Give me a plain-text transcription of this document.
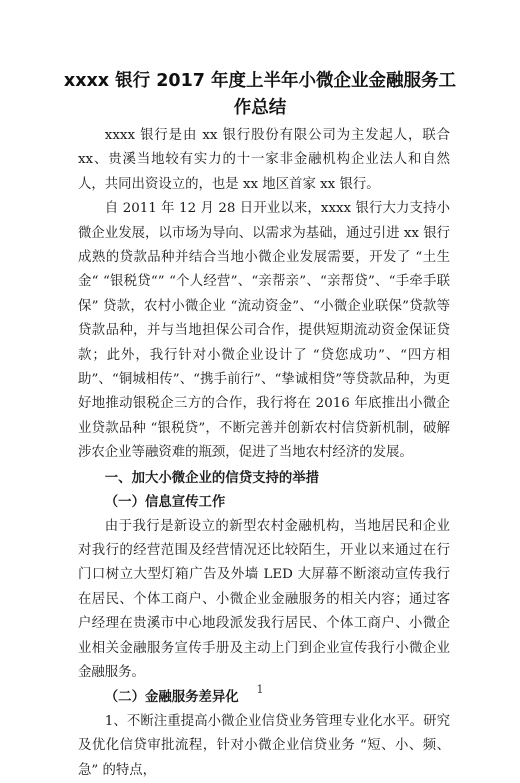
xxxx 银行 2017 年度上半年小微企业金融服务工作总结

xxxx 银行是由 xx 银行股份有限公司为主发起人，联合 xx、贵溪当地较有实力的十一家非金融机构企业法人和自然人，共同出资设立的，也是 xx 地区首家 xx 银行。

自 2011 年 12 月 28 日开业以来，xxxx 银行大力支持小微企业发展，以市场为导向、以需求为基础，通过引进 xx 银行成熟的贷款品种并结合当地小微企业发展需要，开发了 “土生金“ “银税贷“” “个人经营”、“亲帮亲”、“亲帮贷”、“手牵手联保” 贷款，农村小微企业 “流动资金”、“小微企业联保”贷款等贷款品种，并与当地担保公司合作，提供短期流动资金保证贷款；此外，我行针对小微企业设计了 “贷您成功”、“四方相助”、“铜城相传”、“携手前行”、“挚诚相贷”等贷款品种，为更好地推动银税企三方的合作，我行将在 2016 年底推出小微企业贷款品种 “银税贷”，不断完善并创新农村信贷新机制，破解涉农企业等融资难的瓶颈，促进了当地农村经济的发展。

一、加大小微企业的信贷支持的举措

（一）信息宣传工作

由于我行是新设立的新型农村金融机构，当地居民和企业对我行的经营范围及经营情况还比较陌生，开业以来通过在行门口树立大型灯箱广告及外墙 LED 大屏幕不断滚动宣传我行在居民、个体工商户、小微企业金融服务的相关内容；通过客户经理在贵溪市中心地段派发我行居民、个体工商户、小微企业相关金融服务宣传手册及主动上门到企业宣传我行小微企业金融服务。

（二）金融服务差异化

1、不断注重提高小微企业信贷业务管理专业化水平。研究及优化信贷审批流程，针对小微企业信贷业务 “短、小、频、急” 的特点，

1
